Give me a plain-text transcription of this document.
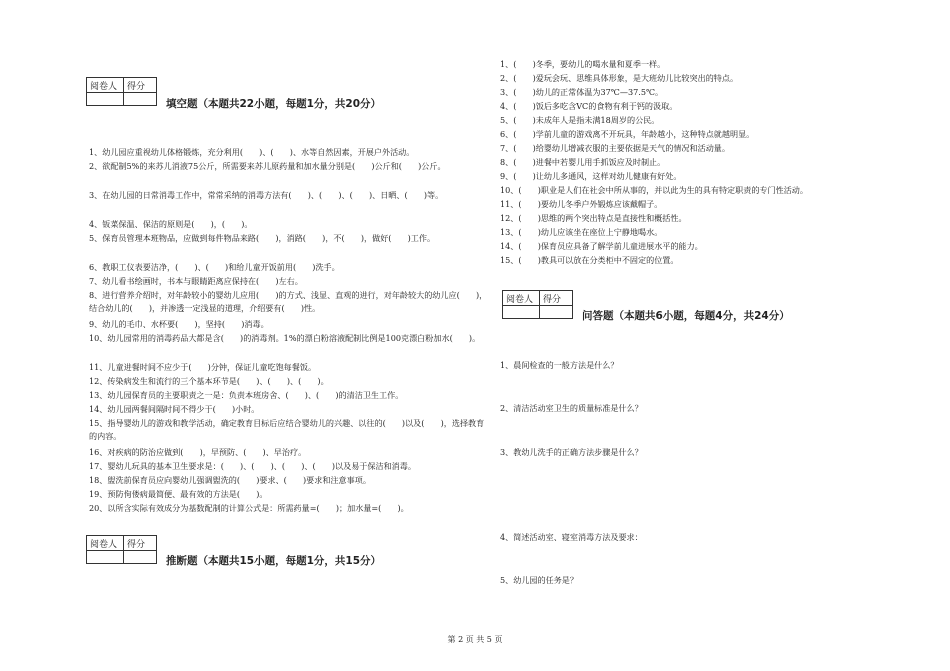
阅卷人	得分

填空题（本题共22小题，每题1分，共20分）
1、幼儿园应重视幼儿体格锻炼，充分利用(　　)、(　　)、水等自然因素，开展户外活动。
2、欲配制5%的来苏儿消液75公斤，所需要来苏儿原药量和加水量分别是(　　)公斤和(　　)公斤。
3、在幼儿园的日常消毒工作中，常常采纳的消毒方法有(　　)、(　　)、(　　)、日晒、(　　)等。
4、钣菜保温、保洁的原则是(　　)，(　　)。
5、保育员管理本班物品，应做到每件物品来路(　　)，消路(　　)，不(　　)，做好(　　)工作。
6、教职工仪表要洁净，(　　)、(　　)和给儿童开饭前用(　　)洗手。
7、幼儿看书绘画时，书本与眼睛距离应保持在(　　)左右。
8、进行营养介绍时，对年龄较小的婴幼儿应用(　　)的方式、浅显、直观的进行，对年龄较大的幼儿应(　　)，结合幼儿的(　　)，并渗透一定浅显的道理，介绍要有(　　)性。
9、幼儿的毛巾、水杯要(　　)，坚持(　　)消毒。
10、幼儿园常用的消毒药品大都是含(　　)的消毒剂。1%的漂白粉溶液配制比例是100克漂白粉加水(　　)。
11、儿童进餐时间不应少于(　　)分钟，保证儿童吃饱每餐饭。
12、传染病发生和流行的三个基本环节是(　　)、(　　)、(　　)。
13、幼儿园保育员的主要职责之一是：负责本班房舍、(　　)、(　　)的清洁卫生工作。
14、幼儿园两餐间隔时间不得少于(　　)小时。
15、指导婴幼儿的游戏和教学活动，确定教育目标后应结合婴幼儿的兴趣、以往的(　　)以及(　　)，选择教育的内容。
16、对疾病的防治应做到(　　)，早预防、(　　)、早治疗。
17、婴幼儿玩具的基本卫生要求是：(　　)、(　　)、(　　)、(　　)以及易于保洁和消毒。
18、盥洗前保育员应向婴幼儿强调盥洗的(　　)要求、(　　)要求和注意事项。
19、预防佝偻病最简便、最有效的方法是(　　)。
20、以所含实际有效成分为基数配制的计算公式是：所需药量=(　　)；加水量=(　　)。
阅卷人	得分

推断题（本题共15小题，每题1分，共15分）
1、(　　)冬季，要幼儿的喝水量和夏季一样。
2、(　　)爱玩会玩、思维具体形象，是大班幼儿比较突出的特点。
3、(　　)幼儿的正常体温为37℃—37.5℃。
4、(　　)饭后多吃含VC的食物有利于钙的汲取。
5、(　　)未成年人是指未满18周岁的公民。
6、(　　)学前儿童的游戏离不开玩具，年龄越小，这种特点就越明显。
7、(　　)给婴幼儿增减衣服的主要依据是天气的情况和活动量。
8、(　　)进餐中若婴儿用手抓饭应及时制止。
9、(　　)让幼儿多通风，这样对幼儿健康有好处。
10、(　　)职业是人们在社会中所从事的，并以此为生的具有特定职责的专门性活动。
11、(　　)要幼儿冬季户外锻炼应该戴帽子。
12、(　　)思维的两个突出特点是直接性和概括性。
13、(　　)幼儿应该坐在座位上宁静地喝水。
14、(　　)保育员应具备了解学前儿童进展水平的能力。
15、(　　)教具可以放在分类柜中不固定的位置。
阅卷人	得分

问答题（本题共6小题，每题4分，共24分）
1、晨间检查的一般方法是什么？
2、清洁活动室卫生的质量标准是什么？
3、教幼儿洗手的正确方法步骤是什么？
4、简述活动室、寝室消毒方法及要求：
5、幼儿园的任务是？
第 2 页 共 5 页
